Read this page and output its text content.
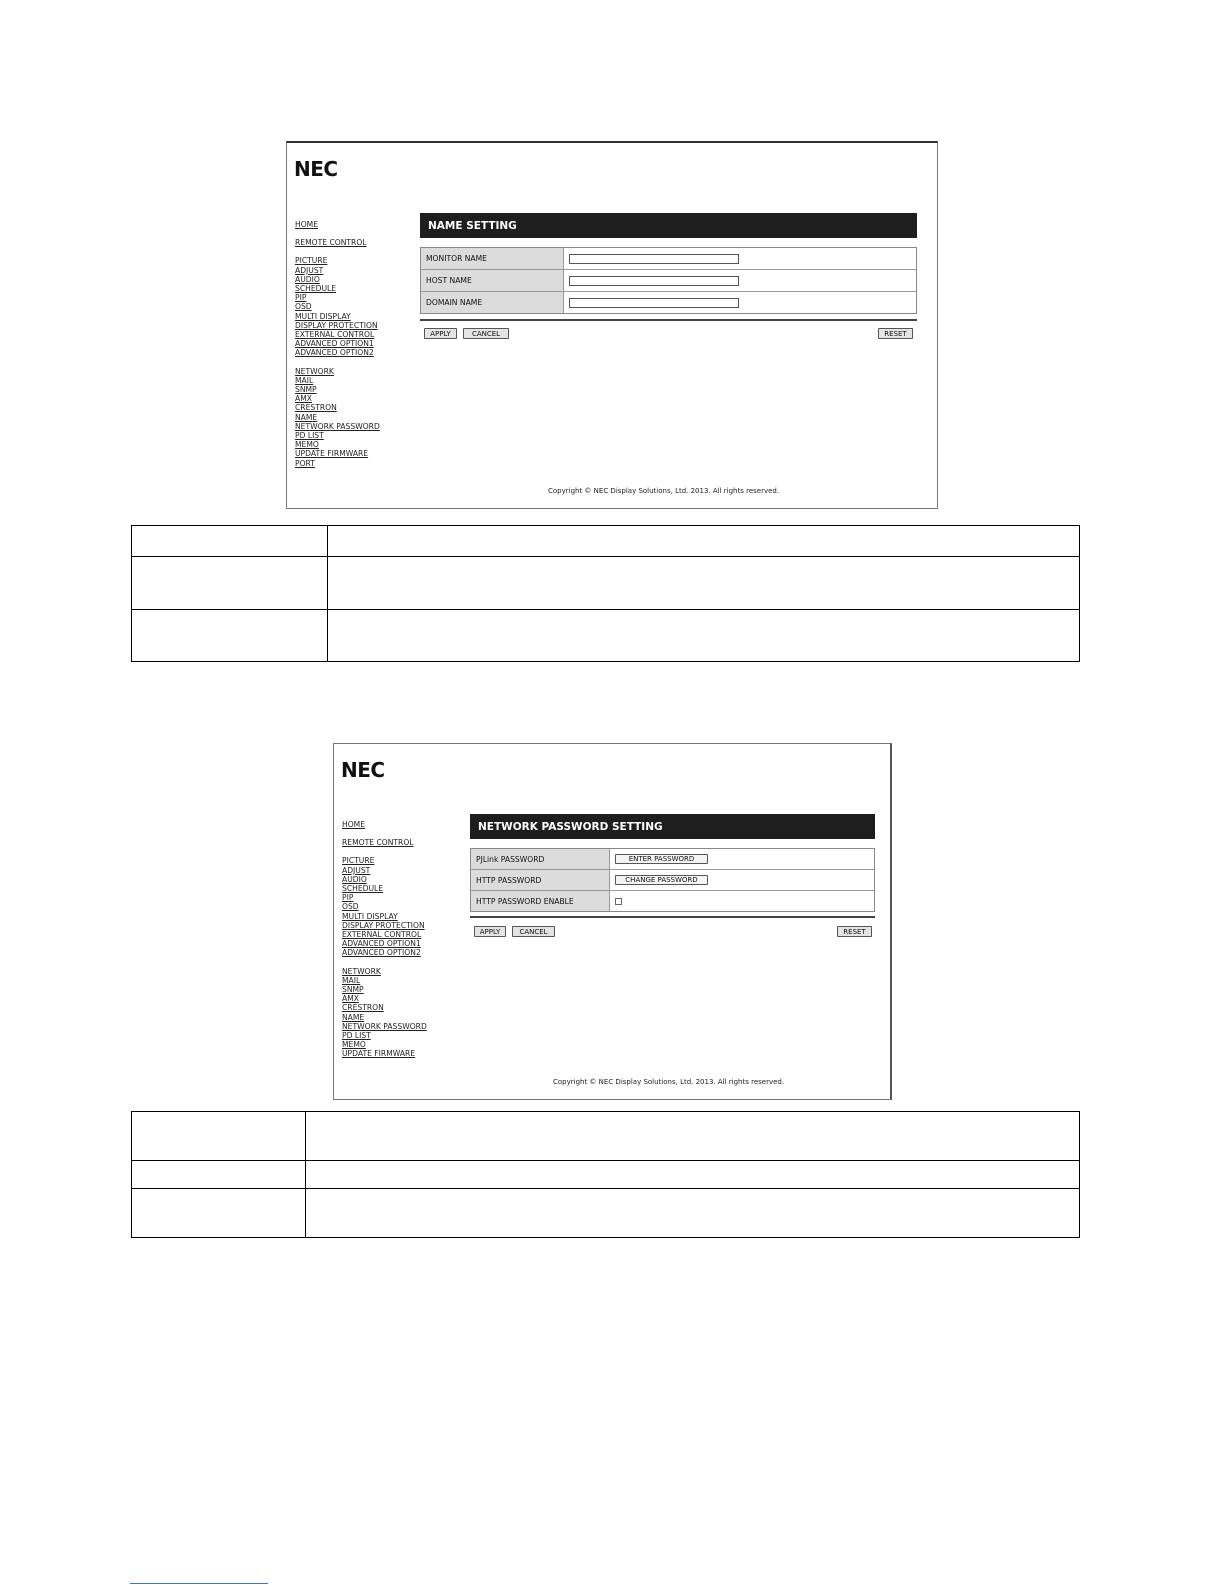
NEC
HOME
REMOTE CONTROL
PICTURE
ADJUST
AUDIO
SCHEDULE
PIP
OSD
MULTI DISPLAY
DISPLAY PROTECTION
EXTERNAL CONTROL
ADVANCED OPTION1
ADVANCED OPTION2
NETWORK
MAIL
SNMP
AMX
CRESTRON
NAME
NETWORK PASSWORD
PD LIST
MEMO
UPDATE FIRMWARE
PORT
NAME SETTING
MONITOR NAME
HOST NAME
DOMAIN NAME
APPLY	CANCEL	RESET
Copyright © NEC Display Solutions, Ltd. 2013. All rights reserved.

NEC
HOME
REMOTE CONTROL
PICTURE
ADJUST
AUDIO
SCHEDULE
PIP
OSD
MULTI DISPLAY
DISPLAY PROTECTION
EXTERNAL CONTROL
ADVANCED OPTION1
ADVANCED OPTION2
NETWORK
MAIL
SNMP
AMX
CRESTRON
NAME
NETWORK PASSWORD
PD LIST
MEMO
UPDATE FIRMWARE
NETWORK PASSWORD SETTING
PJLink PASSWORD	ENTER PASSWORD
HTTP PASSWORD	CHANGE PASSWORD
HTTP PASSWORD ENABLE
APPLY	CANCEL	RESET
Copyright © NEC Display Solutions, Ltd. 2013. All rights reserved.
